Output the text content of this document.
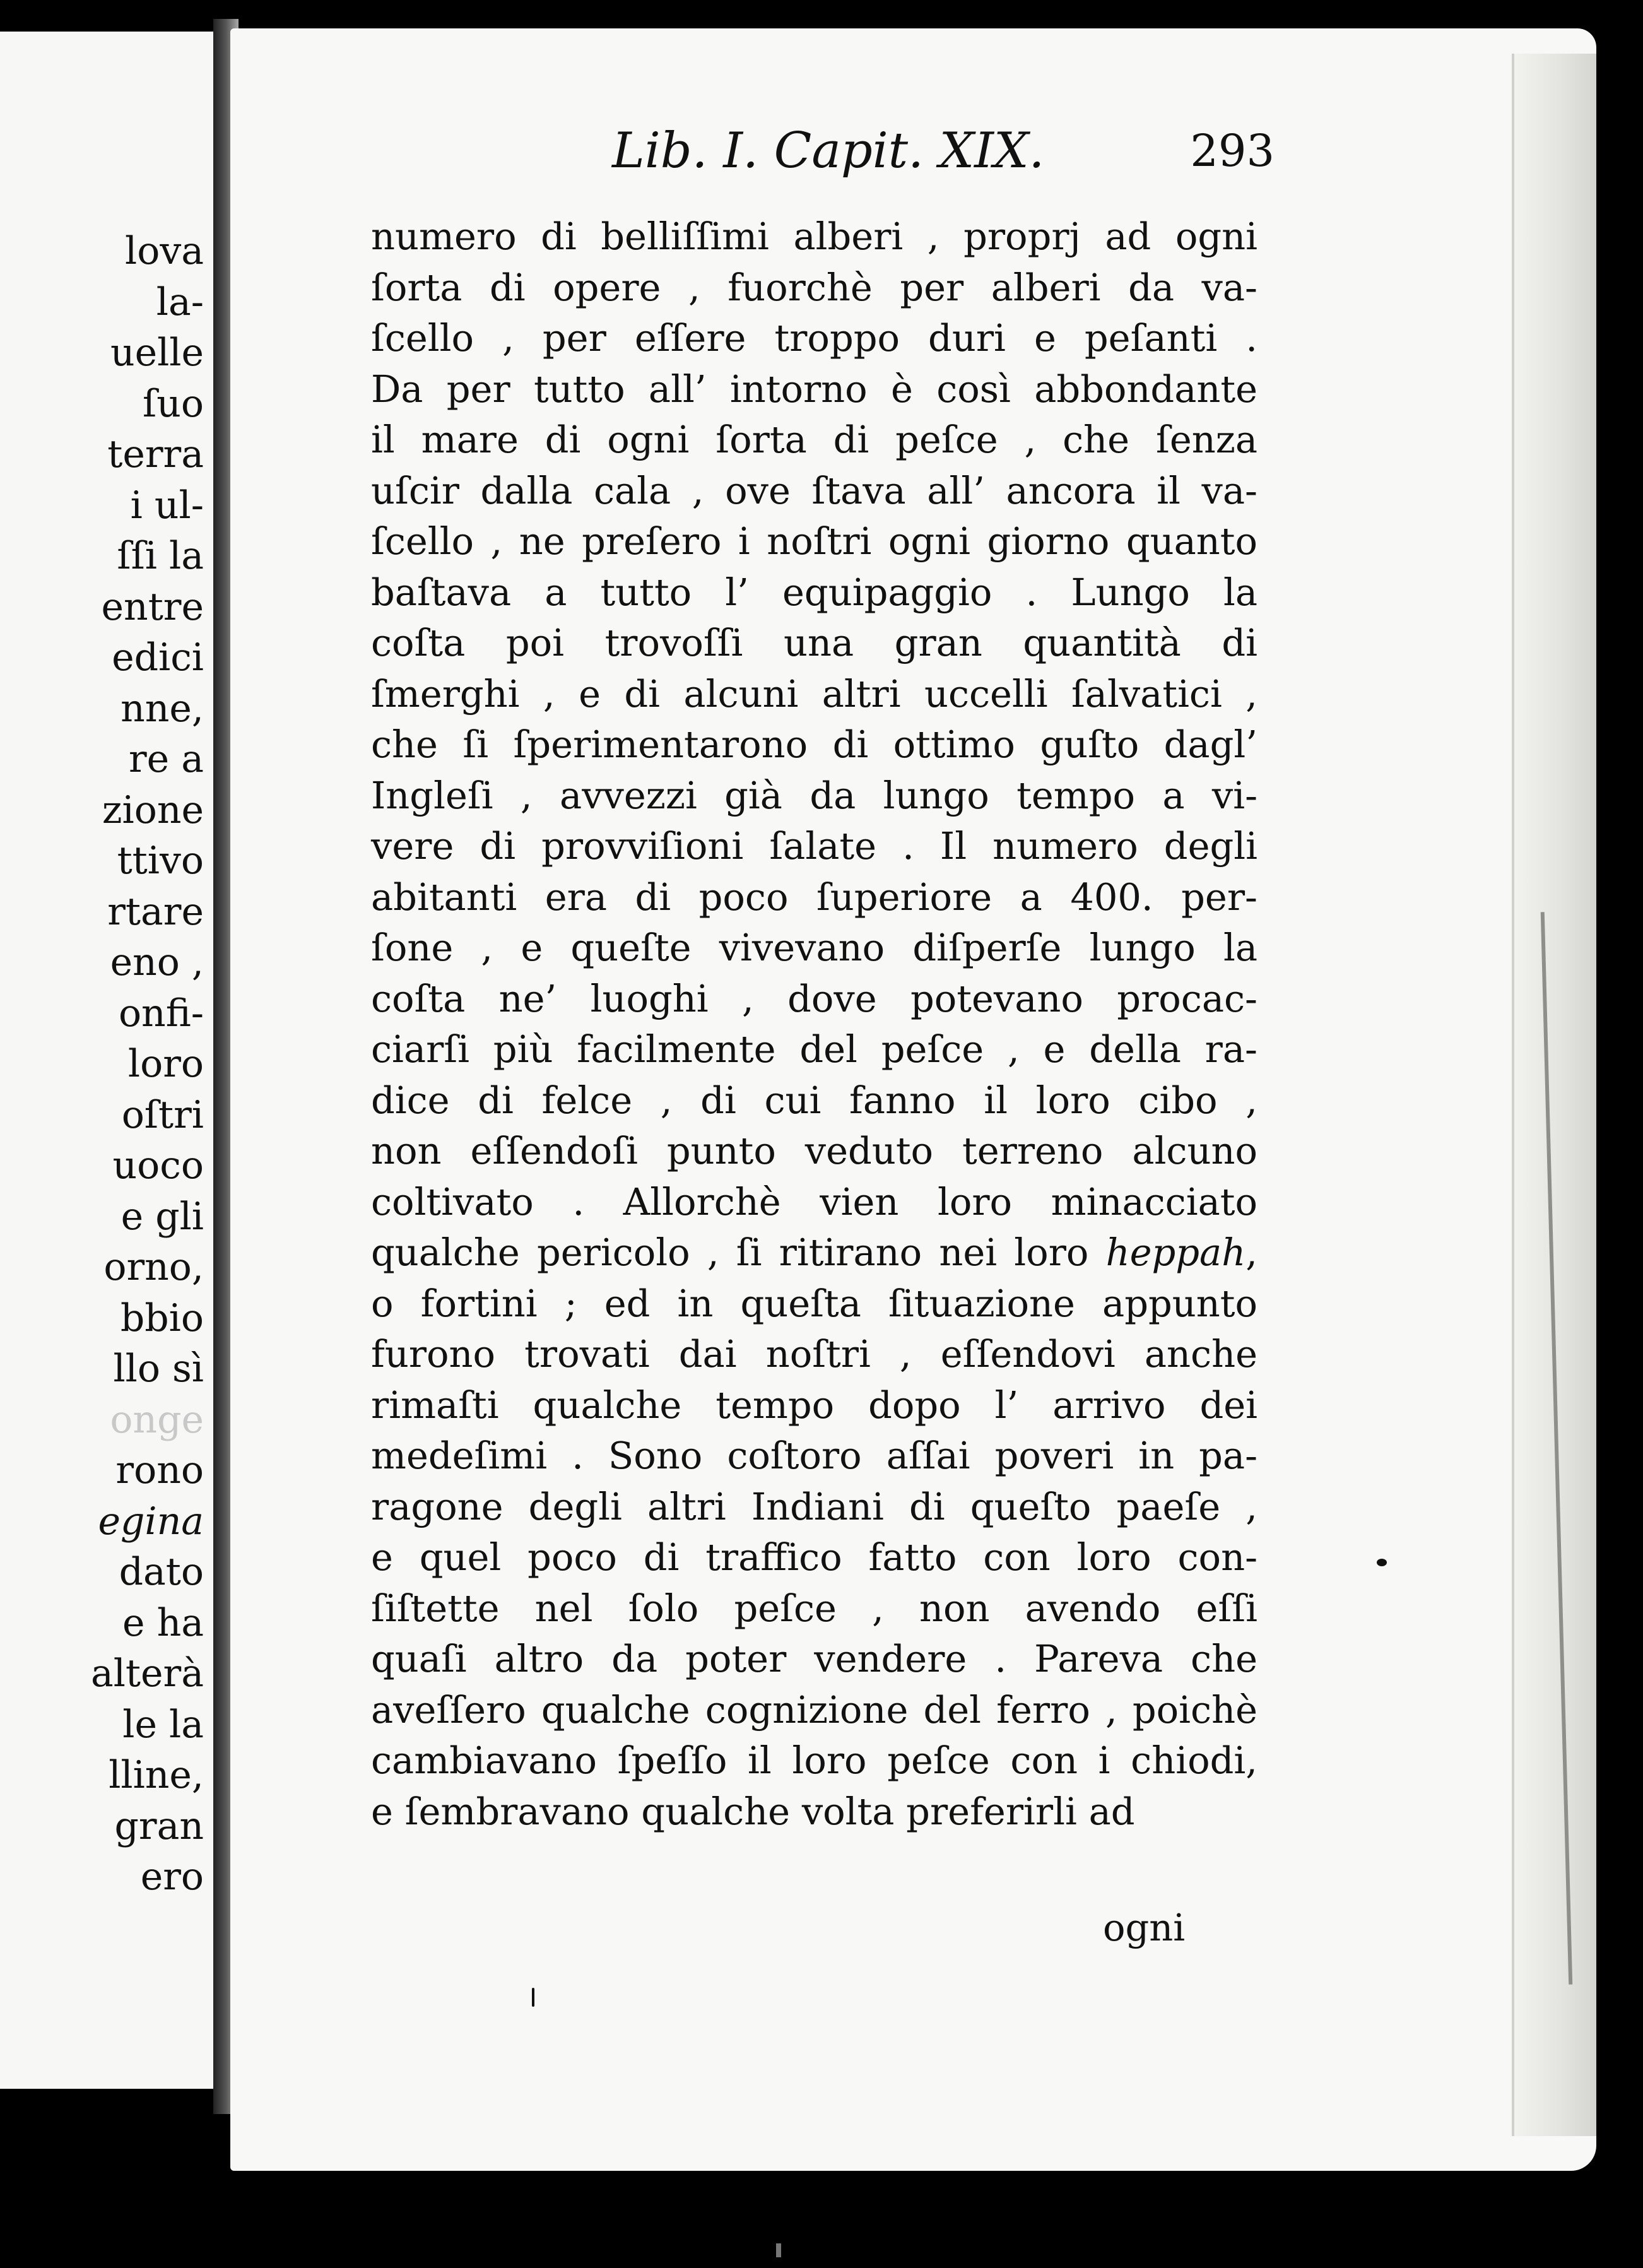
lova
la-
uelle
ſuo
terra
i ul-
ſſi la
entre
edici
nne,
re a
zione
ttivo
rtare
eno ,
onfi-
loro
oſtri
uoco
e gli
orno,
bbio
llo sì
onge
rono
egina
dato
e ha
alterà
le la
lline,
gran
ero
Lib. I. Capit. XIX.	293
numero di belliſſimi alberi , proprj ad ogni
ſorta di opere , fuorchè per alberi da va-
ſcello , per eſſere troppo duri e peſanti .
Da per tutto all’ intorno è così abbondante
il mare di ogni ſorta di peſce , che ſenza
uſcir dalla cala , ove ſtava all’ ancora il va-
ſcello , ne preſero i noſtri ogni giorno quanto
baſtava a tutto l’ equipaggio . Lungo la
coſta poi trovoſſi una gran quantità di
ſmerghi , e di alcuni altri uccelli ſalvatici ,
che ſi ſperimentarono di ottimo guſto dagl’
Ingleſi , avvezzi già da lungo tempo a vi-
vere di provviſioni ſalate . Il numero degli
abitanti era di poco ſuperiore a 400. per-
ſone , e queſte vivevano diſperſe lungo la
coſta ne’ luoghi , dove potevano procac-
ciarſi più facilmente del peſce , e della ra-
dice di felce , di cui fanno il loro cibo ,
non eſſendoſi punto veduto terreno alcuno
coltivato . Allorchè vien loro minacciato
qualche pericolo , ſi ritirano nei loro heppah,
o fortini ; ed in queſta ſituazione appunto
furono trovati dai noſtri , eſſendovi anche
rimaſti qualche tempo dopo l’ arrivo dei
medeſimi . Sono coſtoro aſſai poveri in pa-
ragone degli altri Indiani di queſto paeſe ,
e quel poco di traffico fatto con loro con-
ſiſtette nel ſolo peſce , non avendo eſſi
quaſi altro da poter vendere . Pareva che
aveſſero qualche cognizione del ferro , poichè
cambiavano ſpeſſo il loro peſce con i chiodi,
e ſembravano qualche volta preferirli ad
ogni
